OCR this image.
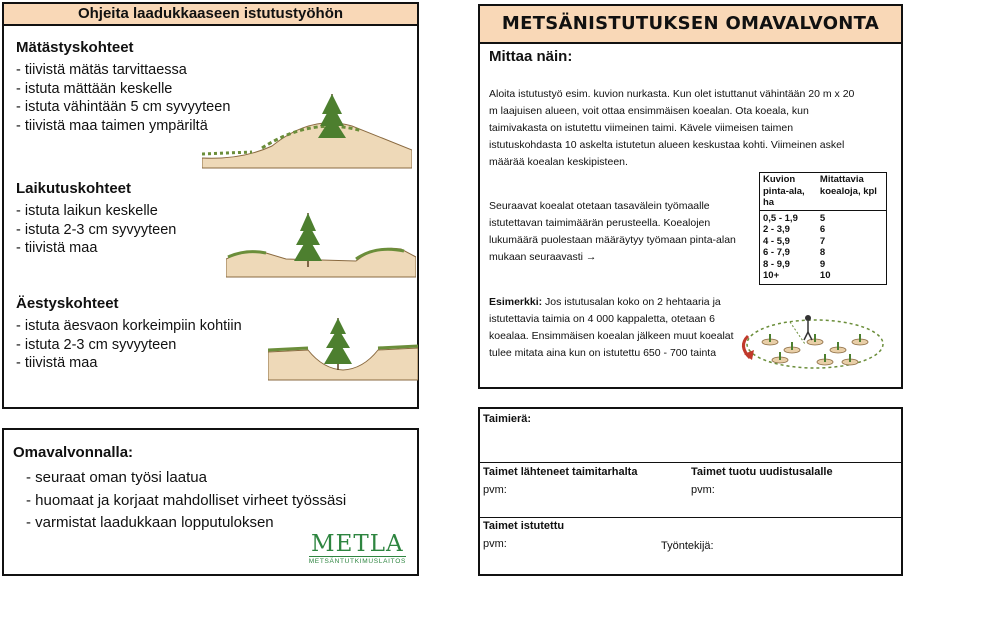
Ohjeita laadukkaaseen istutustyöhön
Mätästyskohteet
- tiivistä mätäs tarvittaessa
- istuta mättään keskelle
- istuta vähintään 5 cm syvyyteen
- tiivistä maa taimen ympäriltä
Laikutuskohteet
- istuta laikun keskelle
- istuta 2-3 cm syvyyteen
- tiivistä maa
Äestyskohteet
- istuta äesvaon korkeimpiin kohtiin
- istuta 2-3 cm syvyyteen
- tiivistä maa
Omavalvonnalla:
- seuraat oman työsi laatua
- huomaat ja korjaat mahdolliset virheet työssäsi
- varmistat laadukkaan lopputuloksen
METLA
METSÄNTUTKIMUSLAITOS
METSÄNISTUTUKSEN OMAVALVONTA
Mittaa näin:
Aloita istutustyö esim. kuvion nurkasta. Kun olet istuttanut vähintään 20 m x 20 m laajuisen alueen, voit ottaa ensimmäisen koealan. Ota koeala, kun taimivakasta on istutettu viimeinen taimi. Kävele viimeisen taimen istutuskohdasta 10 askelta istutetun alueen keskustaa kohti. Viimeinen askel määrää koealan keskipisteen.
Seuraavat koealat otetaan tasavälein työmaalle istutettavan taimimäärän perusteella. Koealojen lukumäärä puolestaan määräytyy työmaan pinta-alan mukaan seuraavasti →
Kuvion pinta-ala, ha	Mitattavia koealoja, kpl
0,5 - 1,9	5
2 - 3,9	6
4 - 5,9	7
6 - 7,9	8
8 - 9,9	9
10+	10
Esimerkki: Jos istutusalan koko on 2 hehtaaria ja istutettavia taimia on 4 000 kappaletta, otetaan 6 koealaa. Ensimmäisen koealan jälkeen muut koealat tulee mitata aina kun on istutettu 650 - 700 tainta
Taimierä:
Taimet lähteneet taimitarhalta	Taimet tuotu uudistusalalle
pvm:	pvm:
Taimet istutettu
pvm:	Työntekijä:
